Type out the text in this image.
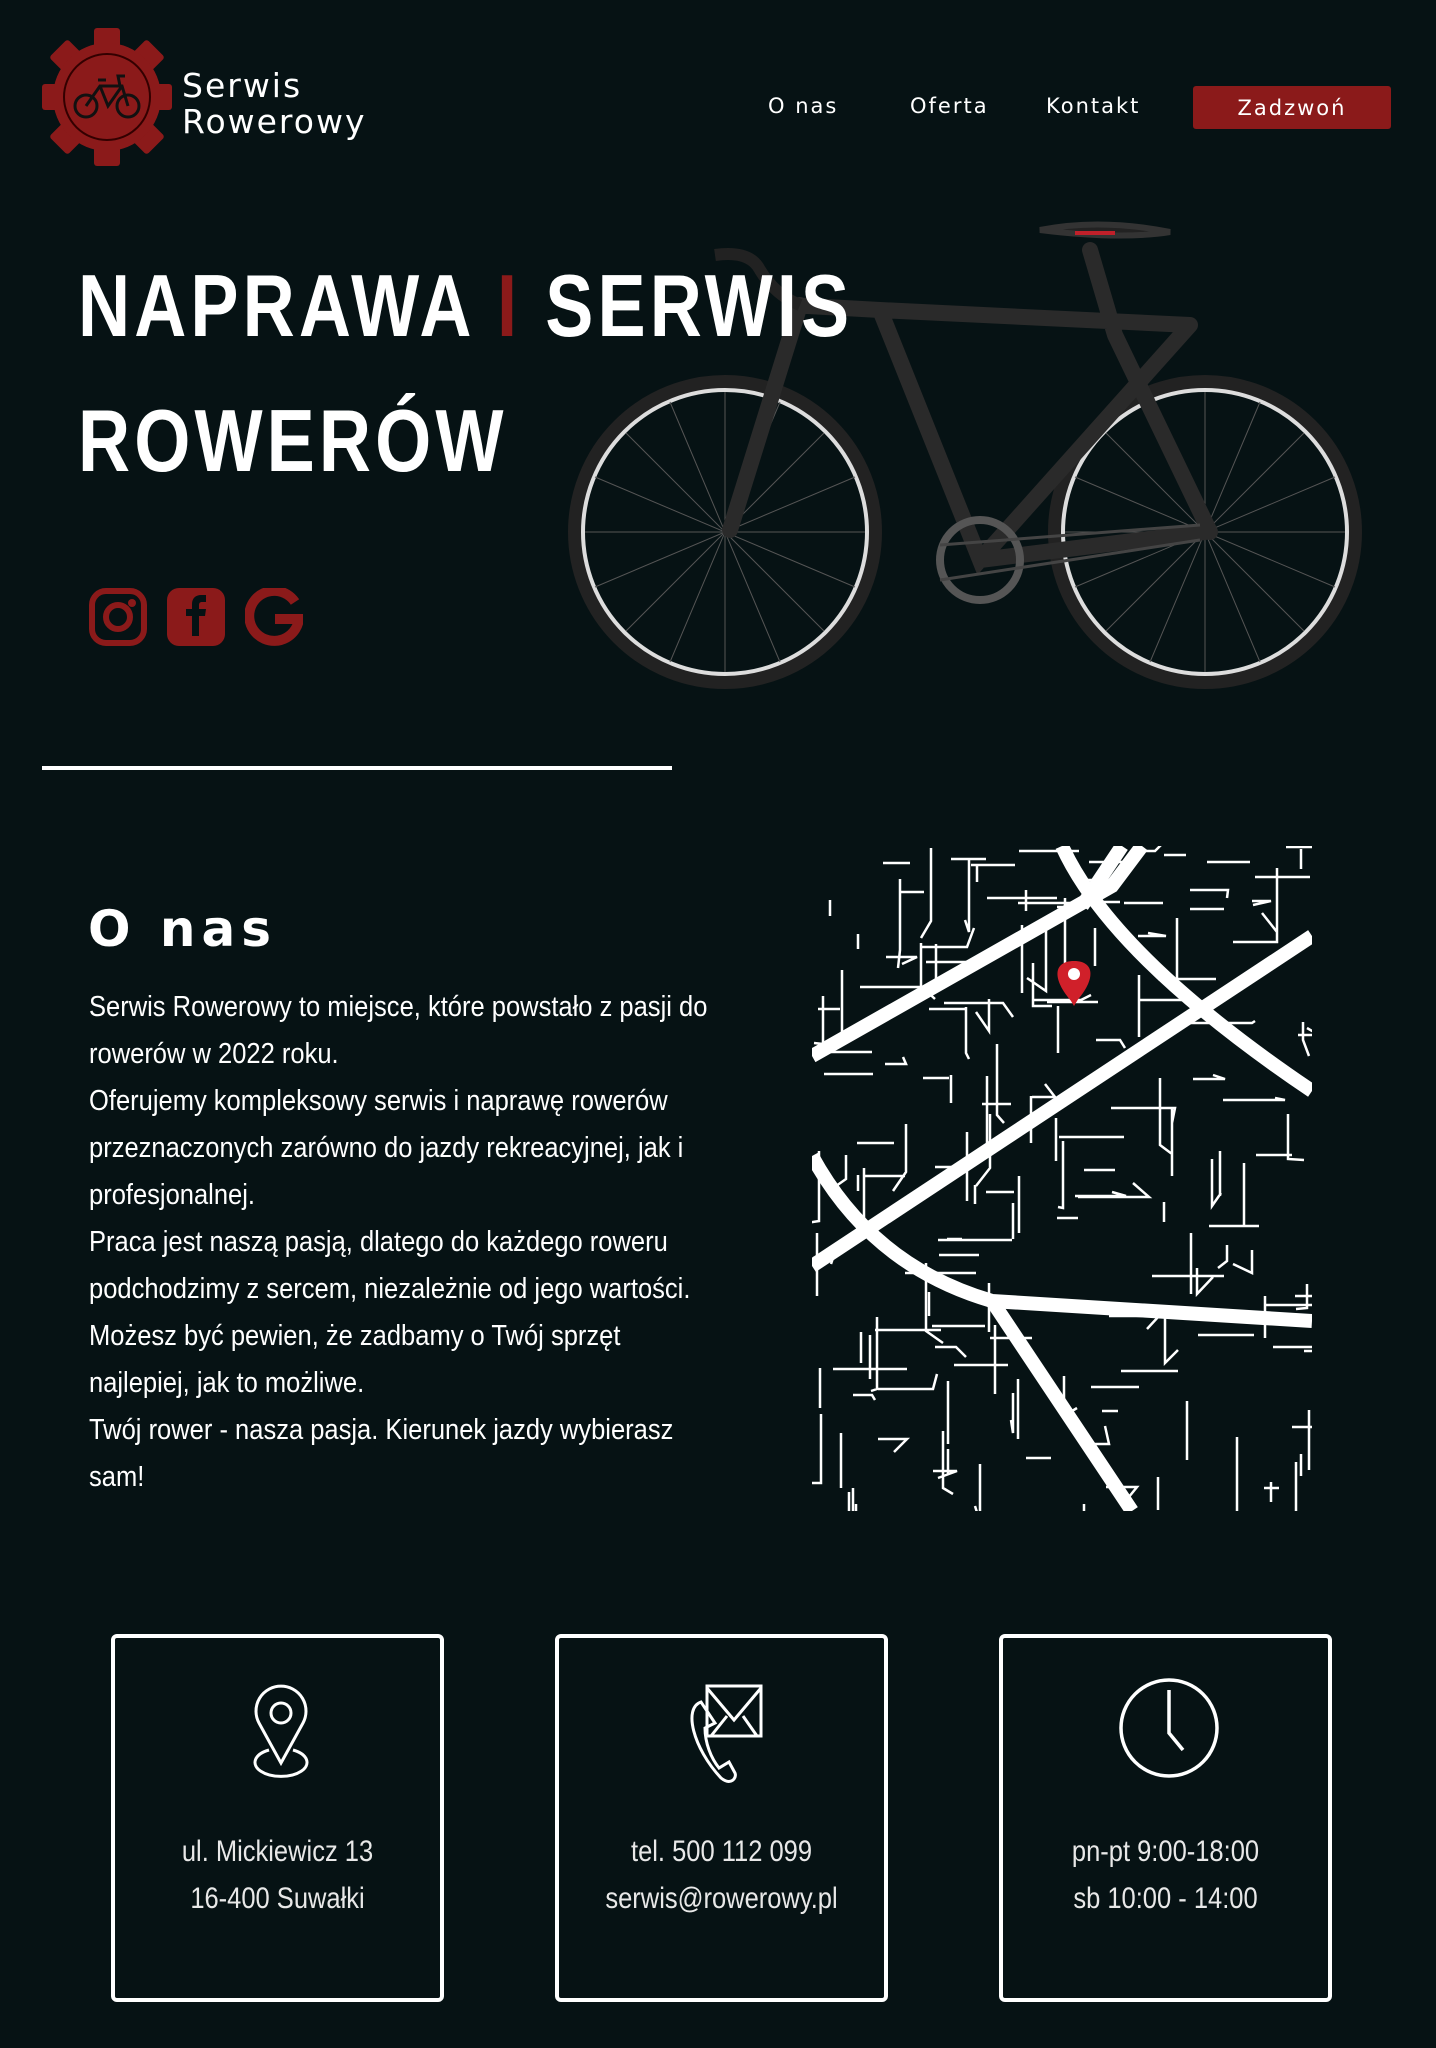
Serwis
Rowerowy	O nas	Oferta	Kontakt	Zadzwoń
NAPRAWA I SERWIS
ROWERÓW
O nas
Serwis Rowerowy to miejsce, które powstało z pasji do rowerów w 2022 roku.
Oferujemy kompleksowy serwis i naprawę rowerów przeznaczonych zarówno do jazdy rekreacyjnej, jak i profesjonalnej.
Praca jest naszą pasją, dlatego do każdego roweru podchodzimy z sercem, niezależnie od jego wartości.
Możesz być pewien, że zadbamy o Twój sprzęt najlepiej, jak to możliwe.
Twój rower - nasza pasja. Kierunek jazdy wybierasz sam!
ul. Mickiewicz 13
16-400 Suwałki
tel. 500 112 099
serwis@rowerowy.pl
pn-pt 9:00-18:00
sb 10:00 - 14:00
